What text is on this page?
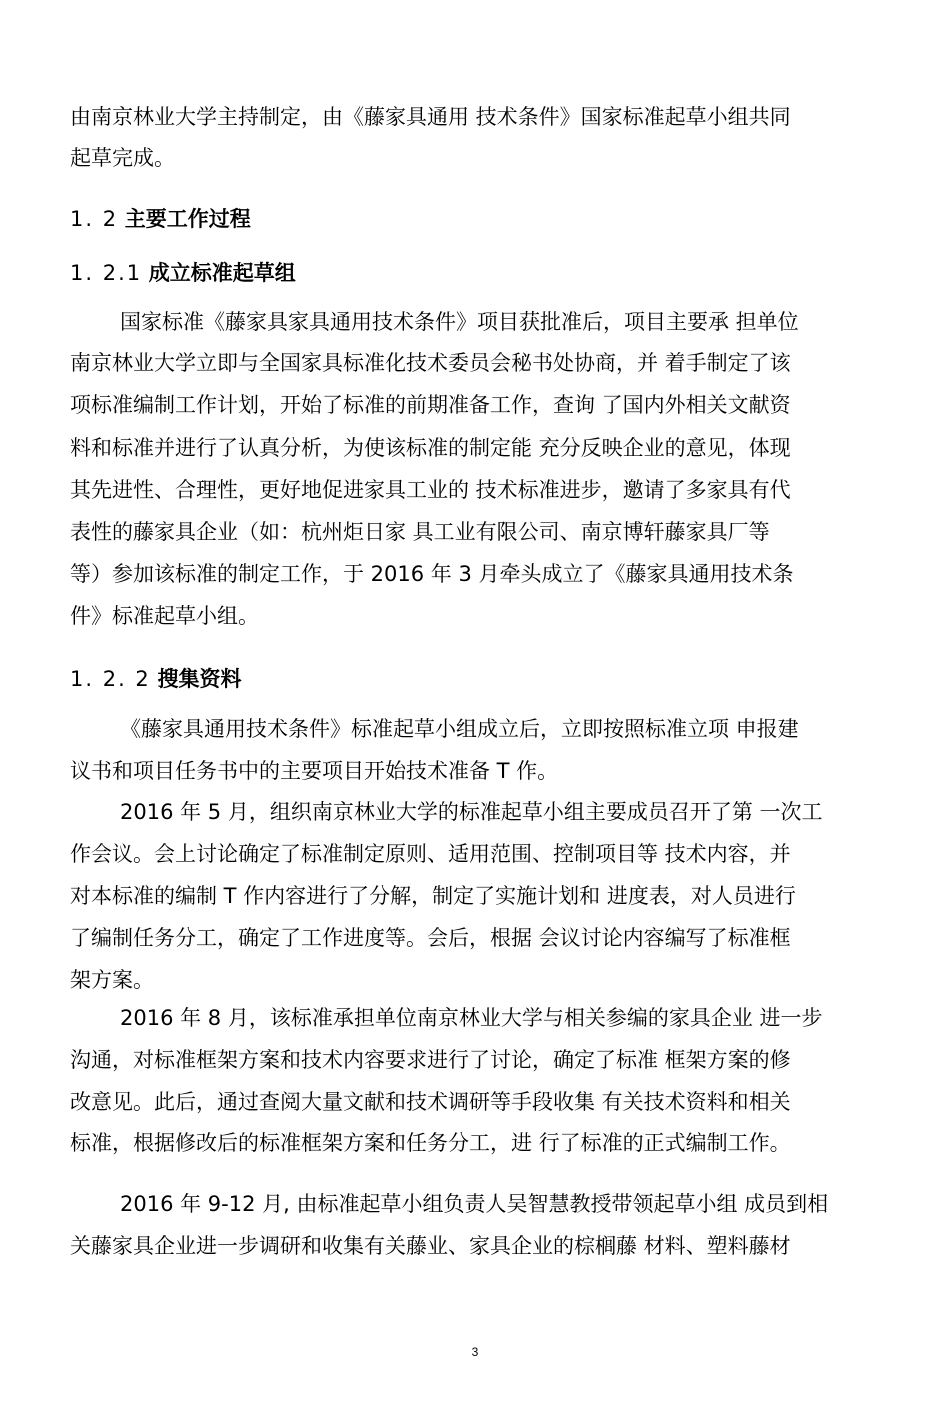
由南京林业大学主持制定，由《藤家具通用 技术条件》国家标准起草小组共同
起草完成。
1. 2 主要工作过程
1. 2.1 成立标准起草组
国家标准《藤家具家具通用技术条件》项目获批准后，项目主要承 担单位
南京林业大学立即与全国家具标准化技术委员会秘书处协商，并 着手制定了该
项标准编制工作计划，开始了标准的前期准备工作，查询 了国内外相关文献资
料和标准并进行了认真分析，为使该标准的制定能 充分反映企业的意见，体现
其先进性、合理性，更好地促进家具工业的 技术标准进步，邀请了多家具有代
表性的藤家具企业（如：杭州炬日家 具工业有限公司、南京博轩藤家具厂等
等）参加该标准的制定工作，于 2016 年 3 月牵头成立了《藤家具通用技术条
件》标准起草小组。
1. 2. 2 搜集资料
《藤家具通用技术条件》标准起草小组成立后，立即按照标准立项 申报建
议书和项目任务书中的主要项目开始技术准备 T 作。
2016 年 5 月，组织南京林业大学的标准起草小组主要成员召开了第 一次工
作会议。会上讨论确定了标准制定原则、适用范围、控制项目等 技术内容，并
对本标准的编制 T 作内容进行了分解，制定了实施计划和 进度表，对人员进行
了编制任务分工，确定了工作进度等。会后，根据 会议讨论内容编写了标准框
架方案。
2016 年 8 月，该标准承担单位南京林业大学与相关参编的家具企业 进一步
沟通，对标准框架方案和技术内容要求进行了讨论，确定了标准 框架方案的修
改意见。此后，通过查阅大量文献和技术调研等手段收集 有关技术资料和相关
标准，根据修改后的标准框架方案和任务分工，进 行了标准的正式编制工作。
2016 年 9-12 月, 由标准起草小组负责人吴智慧教授带领起草小组 成员到相
关藤家具企业进一步调研和收集有关藤业、家具企业的棕榈藤 材料、塑料藤材
3
